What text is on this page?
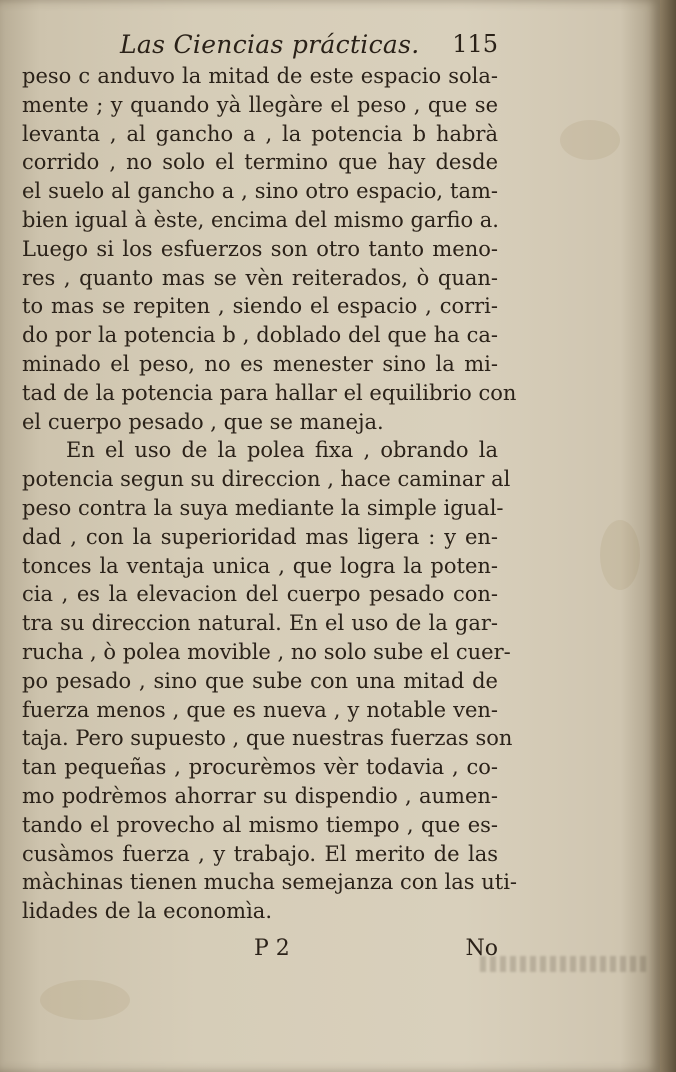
Las Ciencias prácticas. 115
peso c anduvo la mitad de este espacio sola-
mente ; y quando yà llegàre el peso , que se
levanta , al gancho a , la potencia b habrà
corrido , no solo el termino que hay desde
el suelo al gancho a , sino otro espacio, tam-
bien igual à èste, encima del mismo garfio a.
Luego si los esfuerzos son otro tanto meno-
res , quanto mas se vèn reiterados, ò quan-
to mas se repiten , siendo el espacio , corri-
do por la potencia b , doblado del que ha ca-
minado el peso, no es menester sino la mi-
tad de la potencia para hallar el equilibrio con
el cuerpo pesado , que se maneja.
En el uso de la polea fixa , obrando la
potencia segun su direccion , hace caminar al
peso contra la suya mediante la simple igual-
dad , con la superioridad mas ligera : y en-
tonces la ventaja unica , que logra la poten-
cia , es la elevacion del cuerpo pesado con-
tra su direccion natural. En el uso de la gar-
rucha , ò polea movible , no solo sube el cuer-
po pesado , sino que sube con una mitad de
fuerza menos , que es nueva , y notable ven-
taja. Pero supuesto , que nuestras fuerzas son
tan pequeñas , procurèmos vèr todavia , co-
mo podrèmos ahorrar su dispendio , aumen-
tando el provecho al mismo tiempo , que es-
cusàmos fuerza , y trabajo. El merito de las
màchinas tienen mucha semejanza con las uti-
lidades de la economìa.
P 2	No
